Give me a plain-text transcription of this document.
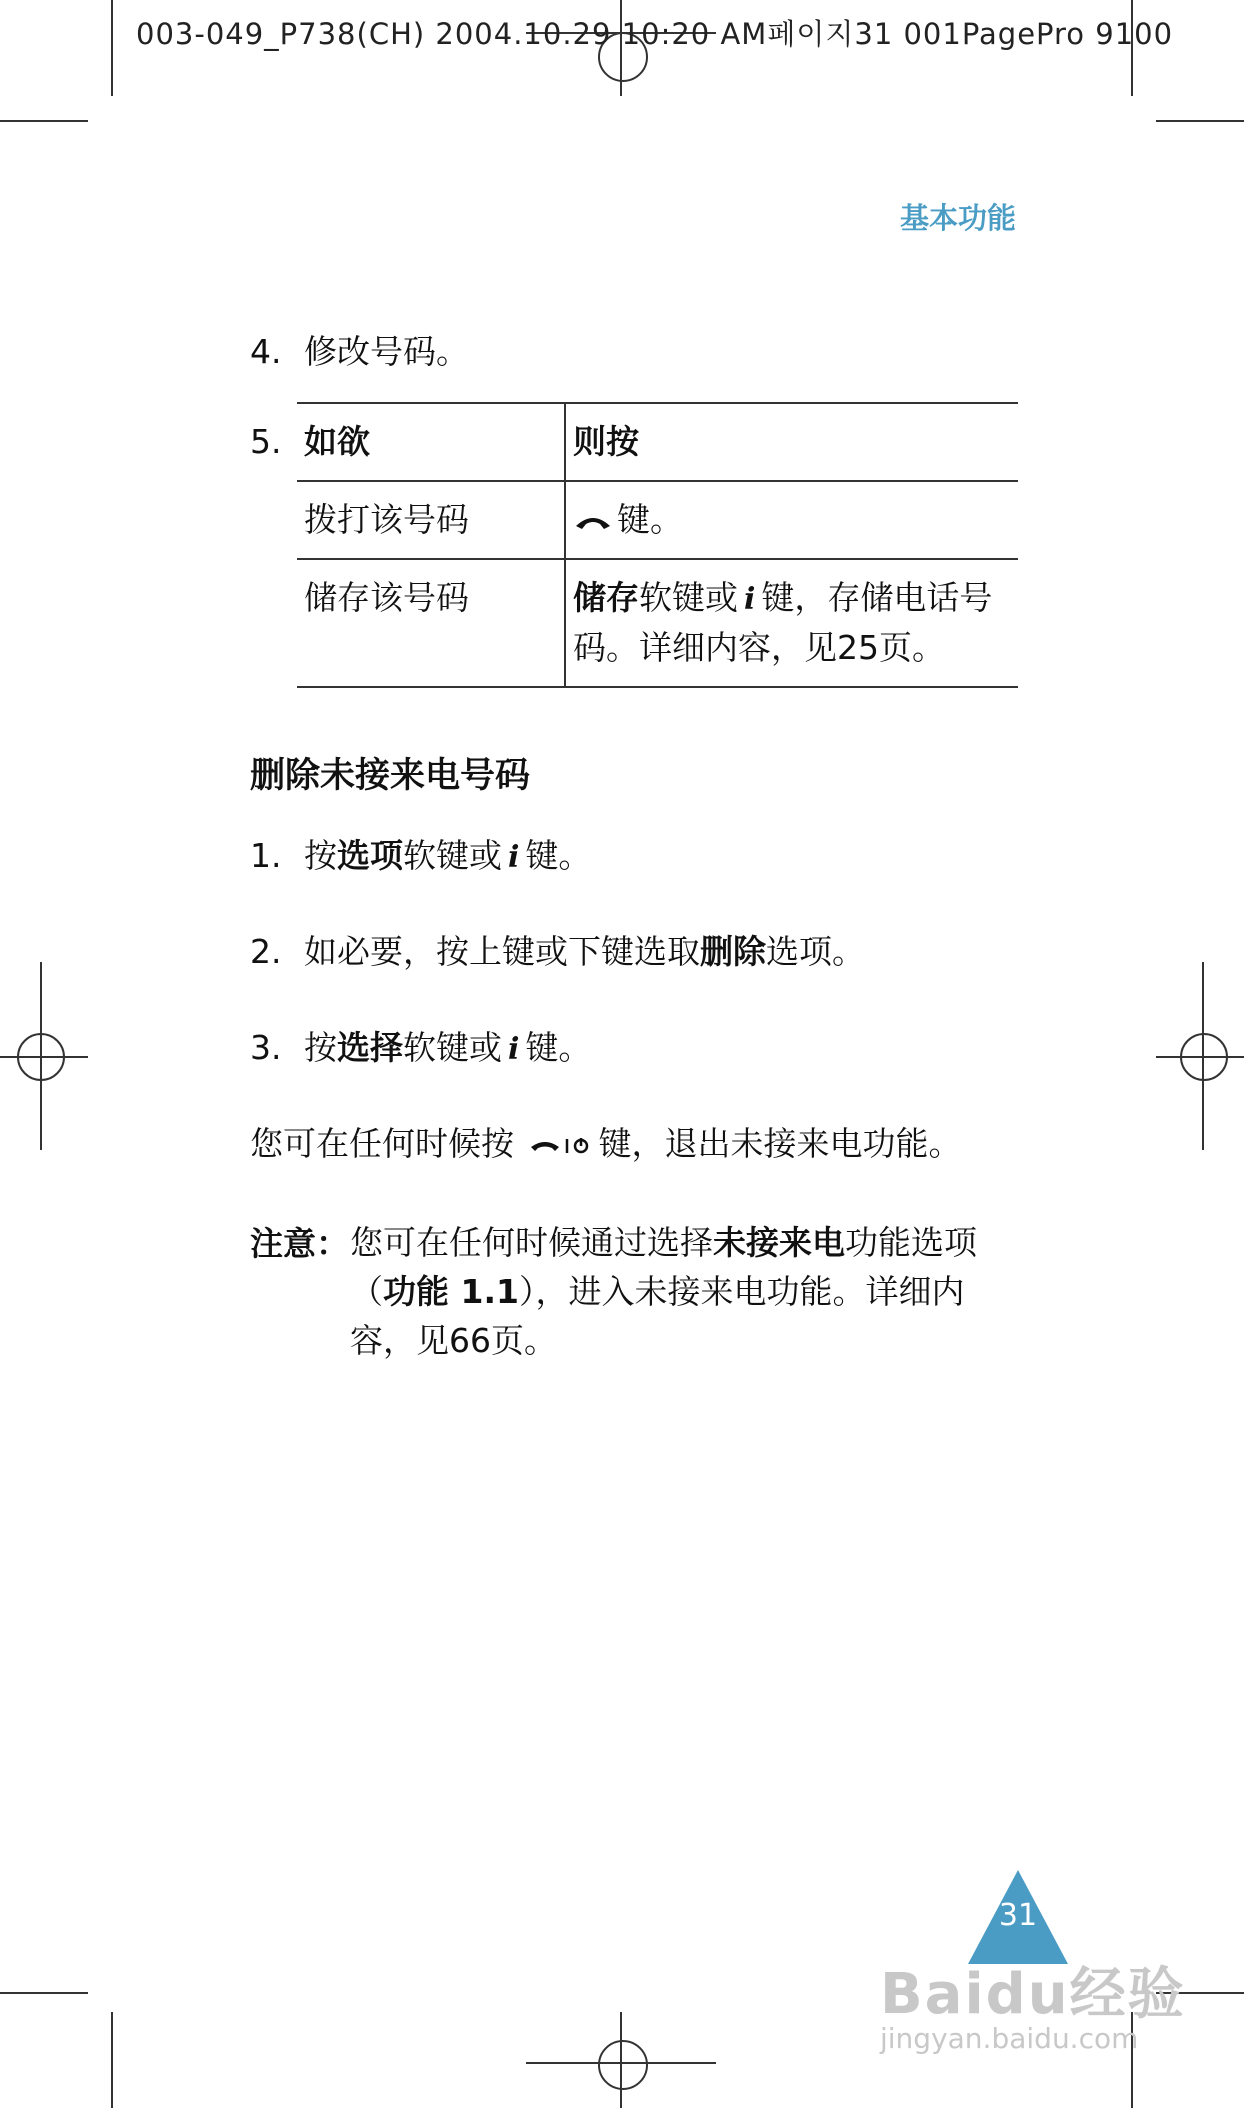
003-049_P738(CH) 2004.10.29 10:20 AM페이지31 001PagePro 9100
基本功能
4. 修改号码。
5. 如欲	则按
拨打该号码	键。
储存该号码	储存软键或 i 键，存储电话号码。详细内容，见25页。
删除未接来电号码
1. 按选项软键或 i 键。
2. 如必要，按上键或下键选取删除选项。
3. 按选择软键或 i 键。
您可在任何时候按	键，退出未接来电功能。
注意： 您可在任何时候通过选择未接来电功能选项（功能 1.1），进入未接来电功能。详细内容，见66页。
31
Baidu经验
jingyan.baidu.com
